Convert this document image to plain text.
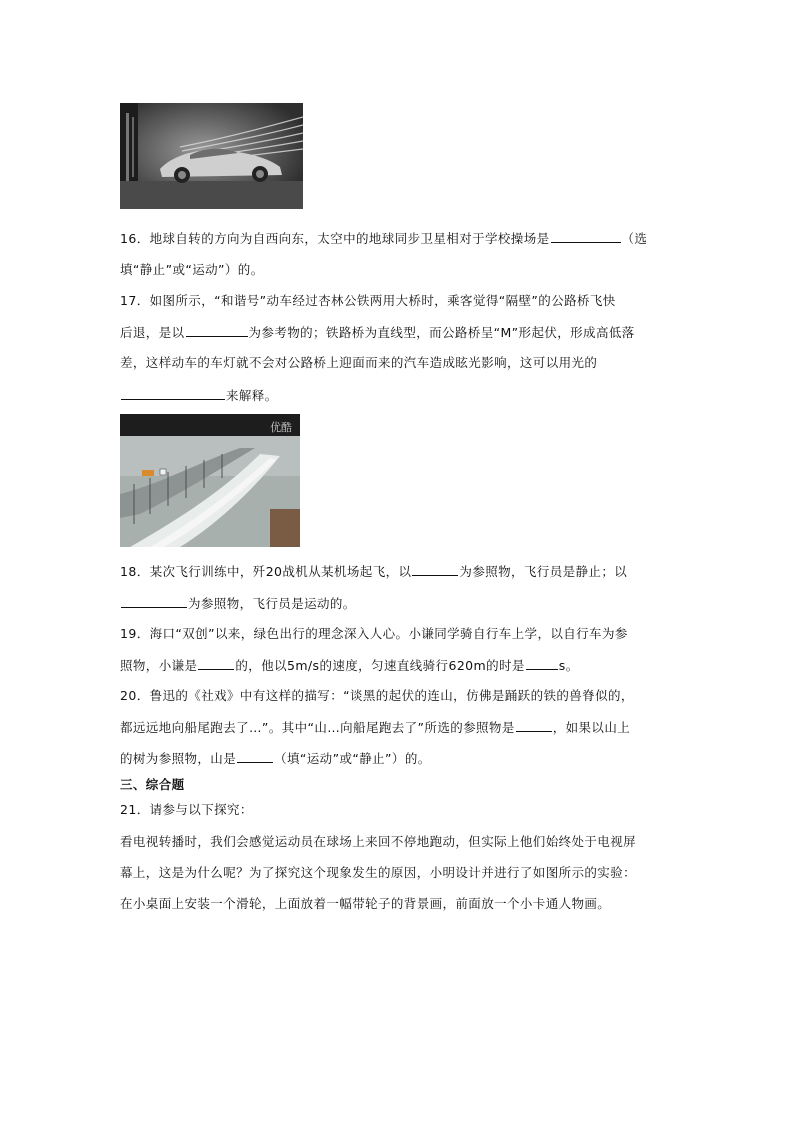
16．地球自转的方向为自西向东，太空中的地球同步卫星相对于学校操场是	（选
填“静止”或“运动”）的。
17．如图所示，“和谐号”动车经过杏林公铁两用大桥时，乘客觉得“隔壁”的公路桥飞快
后退，是以	为参考物的；铁路桥为直线型，而公路桥呈“M”形起伏，形成高低落
差，这样动车的车灯就不会对公路桥上迎面而来的汽车造成眩光影响，这可以用光的
来解释。
优酷
18．某次飞行训练中，歼20战机从某机场起飞，以	为参照物，飞行员是静止；以
为参照物，飞行员是运动的。
19．海口“双创”以来，绿色出行的理念深入人心。小谦同学骑自行车上学，以自行车为参
照物，小谦是	的，他以5m/s的速度，匀速直线骑行620m的时是	s。
20．鲁迅的《社戏》中有这样的描写：“谈黑的起伏的连山，仿佛是踊跃的铁的兽脊似的，
都远远地向船尾跑去了…”。其中“山…向船尾跑去了”所选的参照物是	，如果以山上
的树为参照物，山是	（填“运动”或“静止”）的。
三、综合题
21．请参与以下探究：
看电视转播时，我们会感觉运动员在球场上来回不停地跑动，但实际上他们始终处于电视屏
幕上，这是为什么呢？为了探究这个现象发生的原因，小明设计并进行了如图所示的实验：
在小桌面上安装一个滑轮，上面放着一幅带轮子的背景画，前面放一个小卡通人物画。
